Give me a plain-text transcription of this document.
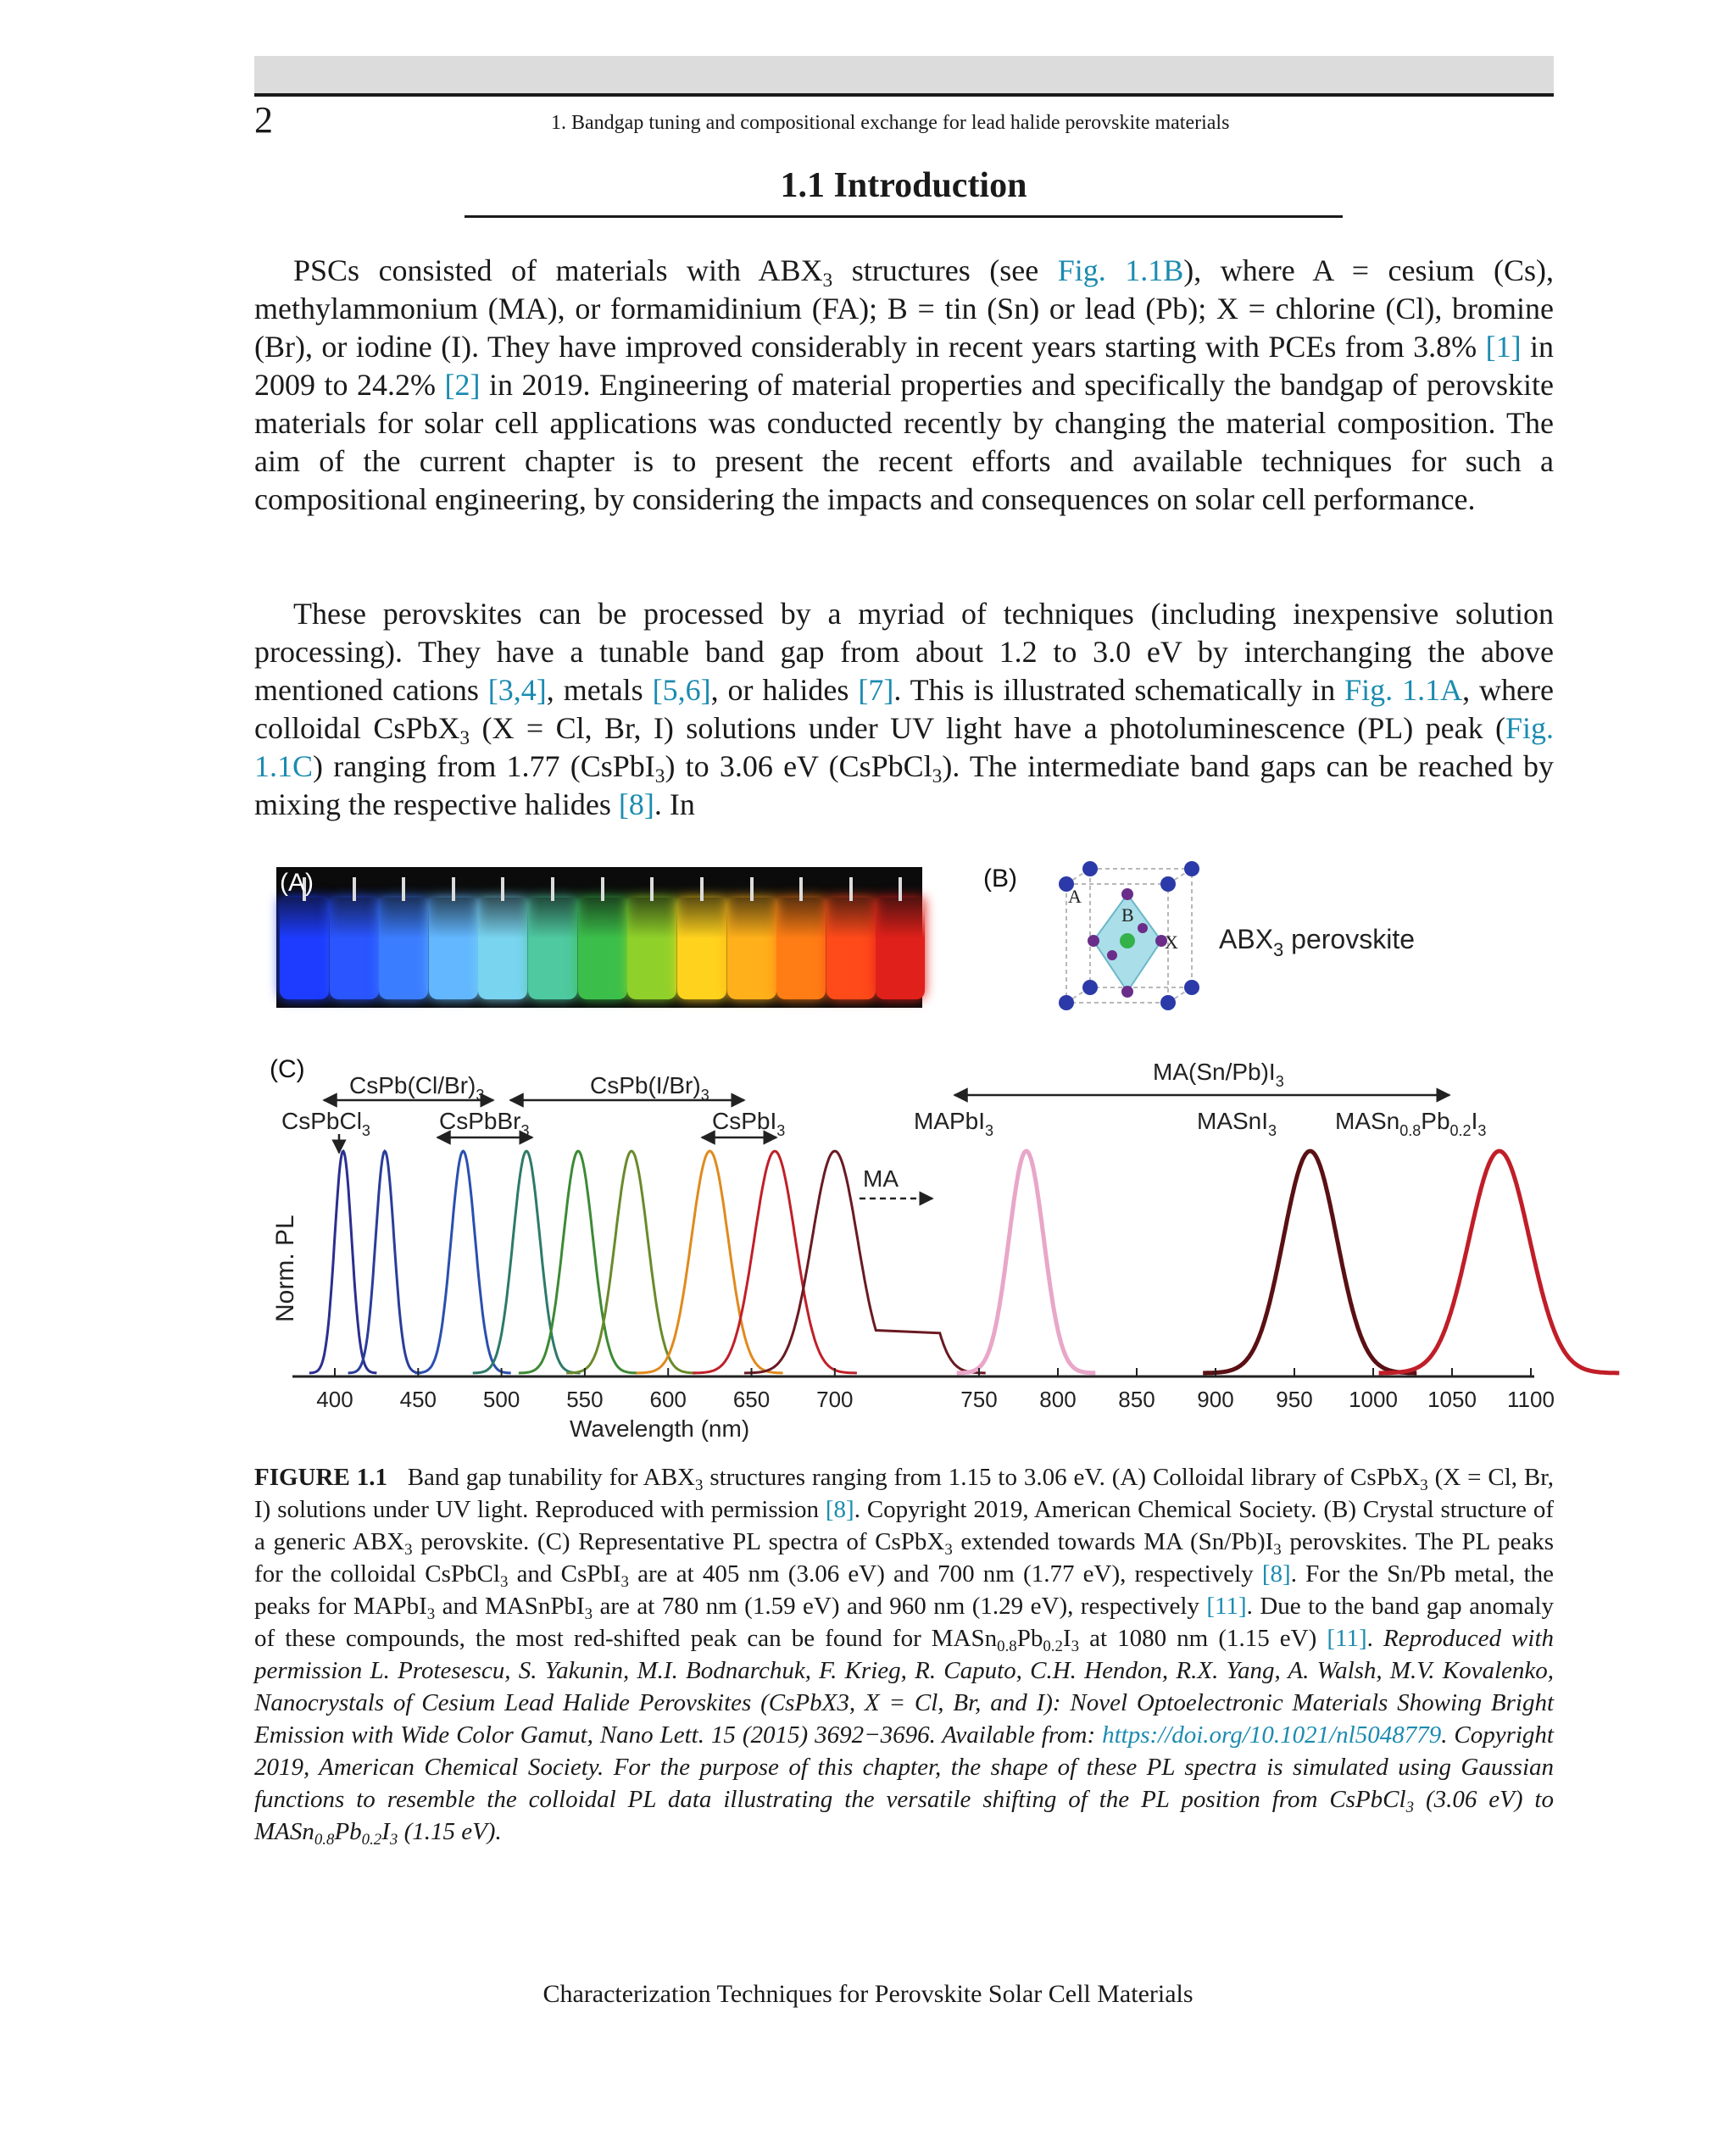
2	1. Bandgap tuning and compositional exchange for lead halide perovskite materials
1.1 Introduction

PSCs consisted of materials with $ABX_3$ structures (see Fig. 1.1B), where A = cesium (Cs), methylammonium (MA), or formamidinium (FA); B = tin (Sn) or lead (Pb); X = chlorine (Cl), bromine (Br), or iodine (I). They have improved considerably in recent years starting with PCEs from 3.8% [1] in 2009 to 24.2% [2] in 2019. Engineering of material properties and specifically the bandgap of perovskite materials for solar cell applications was conducted recently by changing the material composition. The aim of the current chapter is to present the recent efforts and available techniques for such a compositional engineering, by considering the impacts and consequences on solar cell performance.

These perovskites can be processed by a myriad of techniques (including inexpensive solution processing). They have a tunable band gap from about 1.2 to 3.0 eV by interchanging the above mentioned cations [3,4], metals [5,6], or halides [7]. This is illustrated schematically in Fig. 1.1A, where colloidal CsPbX$_3$ (X = Cl, Br, I) solutions under UV light have a photoluminescence (PL) peak (Fig. 1.1C) ranging from 1.77 (CsPbI$_3$) to 3.06 eV (CsPbCl$_3$). The intermediate band gaps can be reached by mixing the respective halides [8]. In

(A)	(B)
A
B
X $ABX_3$ perovskite
(C)
400 450 500 550 600 650 700	750 800 850 900 950 1000 1050 1100
Wavelength (nm)
Norm. PL
$CsPb(Cl/Br)_3$	$CsPb(I/Br)_3$
CsPbCl$_3$	CsPbBr$_3$	CsPbI$_3$	MAPbI$_3$
$MA(Sn/Pb)I_3$
MASnI$_3$ $MASn_{0.8}Pb_{0.2}I_3$
MA
FIGURE 1.1 Band gap tunability for $ABX_3$ structures ranging from 1.15 to 3.06 eV. (A) Colloidal library of CsPbX$_3$ (X = Cl, Br, I) solutions under UV light. Reproduced with permission [8]. Copyright 2019, American Chemical Society. (B) Crystal structure of a generic $ABX_3$ perovskite. (C) Representative PL spectra of CsPbX$_3$ extended towards MA $(Sn/Pb)I_3$ perovskites. The PL peaks for the colloidal CsPbCl$_3$ and CsPbI$_3$ are at 405 nm (3.06 eV) and 700 nm (1.77 eV), respectively [8]. For the Sn/Pb metal, the peaks for MAPbI$_3$ and MASnPbI$_3$ are at 780 nm (1.59 eV) and 960 nm (1.29 eV), respectively [11]. Due to the band gap anomaly of these compounds, the most red-shifted peak can be found for $MASn_{0.8}Pb_{0.2}I_3$ at 1080 nm (1.15 eV) [11]. Reproduced with permission L. Protesescu, S. Yakunin, M.I. Bodnarchuk, F. Krieg, R. Caputo, C.H. Hendon, R.X. Yang, A. Walsh, M.V. Kovalenko, Nanocrystals of Cesium Lead Halide Perovskites (CsPbX3, X = Cl, Br, and I): Novel Optoelectronic Materials Showing Bright Emission with Wide Color Gamut, Nano Lett. 15 (2015) 3692−3696. Available from: https://doi.org/10.1021/nl5048779. Copyright 2019, American Chemical Society. For the purpose of this chapter, the shape of these PL spectra is simulated using Gaussian functions to resemble the colloidal PL data illustrating the versatile shifting of the PL position from CsPbCl$_3$ (3.06 eV) to $MASn_{0.8}Pb_{0.2}I_3$ (1.15 eV).
Characterization Techniques for Perovskite Solar Cell Materials
